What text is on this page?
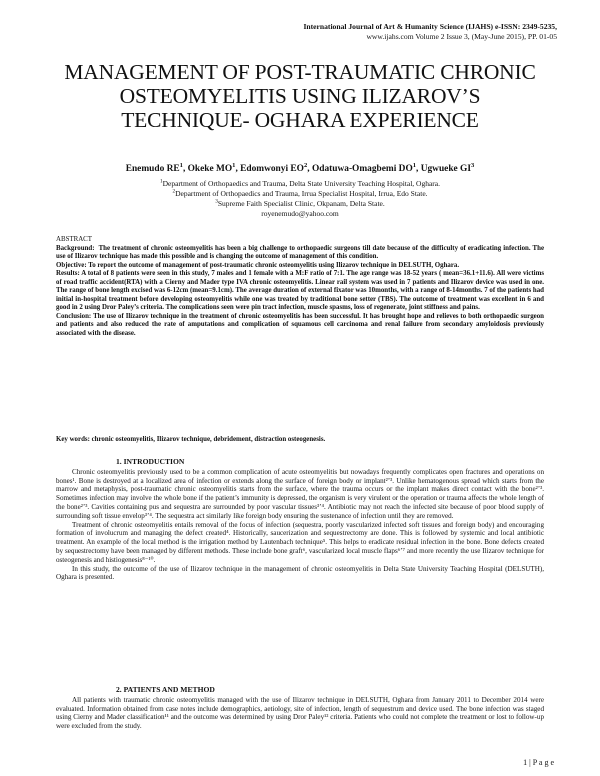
International Journal of Art & Humanity Science (IJAHS) e-ISSN: 2349-5235,
www.ijahs.com Volume 2 Issue 3, (May-June 2015), PP. 01-05
MANAGEMENT OF POST-TRAUMATIC CHRONIC OSTEOMYELITIS USING ILIZAROV’S TECHNIQUE- OGHARA EXPERIENCE
Enemudo $RE^1$, Okeke $MO^1$, Edomwonyi $EO^2$, Odatuwa-Omagbemi $DO^1$, Ugwueke $GI^3$
$^1$Department of Orthopaedics and Trauma, Delta State University Teaching Hospital, Oghara.
$^2$Department of Orthopaedics and Trauma, Irrua Specialist Hospital, Irrua, Edo State.
$^3$Supreme Faith Specialist Clinic, Okpanam, Delta State.
royenemudo@yahoo.com

ABSTRACT

Background: The treatment of chronic osteomyelitis has been a big challenge to orthopaedic surgeons till date because of the difficulty of eradicating infection. The use of Ilizarov technique has made this possible and is changing the outcome of management of this condition.

Objective: To report the outcome of management of post-traumatic chronic osteomyelitis using Ilizarov technique in DELSUTH, Oghara.

Results: A total of 8 patients were seen in this study, 7 males and 1 female with a M:F ratio of 7:1. The age range was 18-52 years ( mean=36.1+11.6). All were victims of road traffic accident(RTA) with a Cierny and Mader type IVA chronic osteomyelitis. Linear rail system was used in 7 patients and Ilizarov device was used in one. The range of bone length excised was 6-12cm (mean=9.1cm). The average duration of external fixator was 10months, with a range of 8-14months. 7 of the patients had initial in-hospital treatment before developing osteomyelitis while one was treated by traditional bone setter (TBS). The outcome of treatment was excellent in 6 and good in 2 using Dror Paley’s criteria. The complications seen were pin tract infection, muscle spasms, loss of regenerate, joint stiffness and pains.

Conclusion: The use of Ilizarov technique in the treatment of chronic osteomyelitis has been successful. It has brought hope and relieves to both orthopaedic surgeon and patients and also reduced the rate of amputations and complication of squamous cell carcinoma and renal failure from secondary amyloidosis previously associated with the disease.

Key words: chronic osteomyelitis, Ilizarov technique, debridement, distraction osteogenesis.
1. INTRODUCTION

Chronic osteomyelitis previously used to be a common complication of acute osteomyelitis but nowadays frequently complicates open fractures and operations on bones¹. Bone is destroyed at a localized area of infection or extends along the surface of foreign body or implant²ʼ³. Unlike hematogenous spread which starts from the marrow and metaphysis, post-traumatic chronic osteomyelitis starts from the surface, where the trauma occurs or the implant makes direct contact with the bone²ʼ³. Sometimes infection may involve the whole bone if the patient’s immunity is depressed, the organism is very virulent or the operation or trauma affects the whole length of the bone²ʼ³. Cavities containing pus and sequestra are surrounded by poor vascular tissues³ʼ⁴. Antibiotic may not reach the infected site because of poor blood supply of surrounding soft tissue envelop³ʼ⁴. The sequestra act similarly like foreign body ensuring the sustenance of infection until they are removed.

Treatment of chronic osteomyelitis entails removal of the focus of infection (sequestra, poorly vascularized infected soft tissues and foreign body) and encouraging formation of involucrum and managing the defect created⁴. Historically, saucerization and sequestrectomy are done. This is followed by systemic and local antibiotic treatment. An example of the local method is the irrigation method by Lautenbach technique⁵. This helps to eradicate residual infection in the bone. Bone defects created by sequestrectomy have been managed by different methods. These include bone graft⁶, vascularized local muscle flaps⁶ʼ⁷ and more recently the use Ilizarov technique for osteogenesis and histiogenesis⁸⁻¹⁰.

In this study, the outcome of the use of Ilizarov technique in the management of chronic osteomyelitis in Delta State University Teaching Hospital (DELSUTH), Oghara is presented.

2. PATIENTS AND METHOD

All patients with traumatic chronic osteomyelitis managed with the use of Ilizarov technique in DELSUTH, Oghara from January 2011 to December 2014 were evaluated. Information obtained from case notes include demographics, aetiology, site of infection, length of sequestrum and device used. The bone infection was staged using Cierny and Mader classification¹¹ and the outcome was determined by using Dror Paley¹² criteria. Patients who could not complete the treatment or lost to follow-up were excluded from the study.

1 | P a g e
